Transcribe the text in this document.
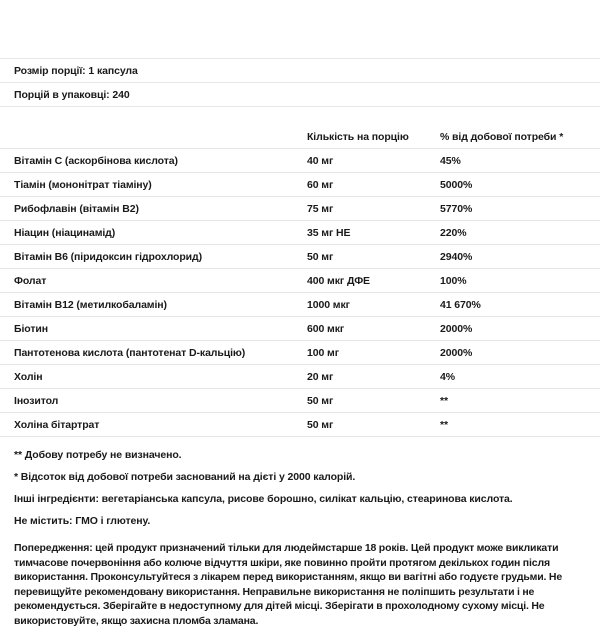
Розмір порції: 1 капсула
Порцій в упаковці: 240
	Кількість на порцію	% від добової потреби *
Вітамін С (аскорбінова кислота)	40 мг	45%
Тіамін (мононітрат тіаміну)	60 мг	5000%
Рибофлавін (вітамін B2)	75 мг	5770%
Ніацин (ніацинамід)	35 мг НЕ	220%
Вітамін B6 (піридоксин гідрохлорид)	50 мг	2940%
Фолат	400 мкг ДФЕ	100%
Вітамін B12 (метилкобаламін)	1000 мкг	41 670%
Біотин	600 мкг	2000%
Пантотенова кислота (пантотенат D-кальцію)	100 мг	2000%
Холін	20 мг	4%
Інозитол	50 мг	**
Холіна бітартрат	50 мг	**

** Добову потребу не визначено.

* Відсоток від добової потреби заснований на дієті у 2000 калорій.

Інші інгредієнти: вегетаріанська капсула, рисове борошно, силікат кальцію, стеаринова кислота.

Не містить: ГМО і глютену.

Попередження: цей продукт призначений тільки для людеймстарше 18 років. Цей продукт може викликати тимчасове почервоніння або колюче відчуття шкіри, яке повинно пройти протягом декількох годин після використання. Проконсультуйтеся з лікарем перед використанням, якщо ви вагітні або годуєте грудьми. Не перевищуйте рекомендовану використання. Неправильне використання не поліпшить результати і не рекомендується. Зберігайте в недоступному для дітей місці. Зберігати в прохолодному сухому місці. Не використовуйте, якщо захисна пломба зламана.
